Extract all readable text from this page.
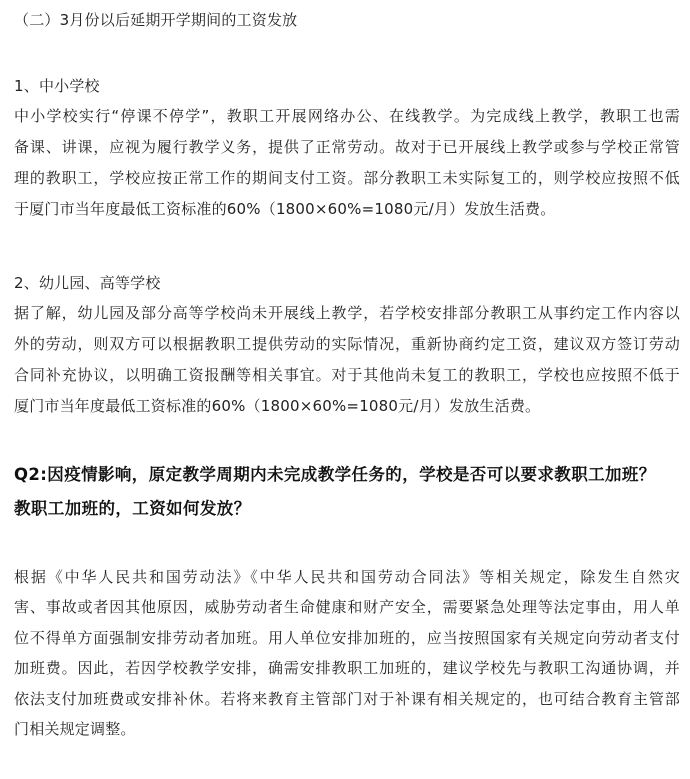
（二）3月份以后延期开学期间的工资发放
1、中小学校
中小学校实行“停课不停学”，教职工开展网络办公、在线教学。为完成线上教学，教职工也需
备课、讲课，应视为履行教学义务，提供了正常劳动。故对于已开展线上教学或参与学校正常管
理的教职工，学校应按正常工作的期间支付工资。部分教职工未实际复工的，则学校应按照不低
于厦门市当年度最低工资标准的60%（1800×60%=1080元/月）发放生活费。
2、幼儿园、高等学校
据了解，幼儿园及部分高等学校尚未开展线上教学，若学校安排部分教职工从事约定工作内容以
外的劳动，则双方可以根据教职工提供劳动的实际情况，重新协商约定工资，建议双方签订劳动
合同补充协议，以明确工资报酬等相关事宜。对于其他尚未复工的教职工，学校也应按照不低于
厦门市当年度最低工资标准的60%（1800×60%=1080元/月）发放生活费。
Q2:因疫情影响，原定教学周期内未完成教学任务的，学校是否可以要求教职工加班？
教职工加班的，工资如何发放？
根据《中华人民共和国劳动法》《中华人民共和国劳动合同法》等相关规定，除发生自然灾
害、事故或者因其他原因，威胁劳动者生命健康和财产安全，需要紧急处理等法定事由，用人单
位不得单方面强制安排劳动者加班。用人单位安排加班的，应当按照国家有关规定向劳动者支付
加班费。因此，若因学校教学安排，确需安排教职工加班的，建议学校先与教职工沟通协调，并
依法支付加班费或安排补休。若将来教育主管部门对于补课有相关规定的，也可结合教育主管部
门相关规定调整。
